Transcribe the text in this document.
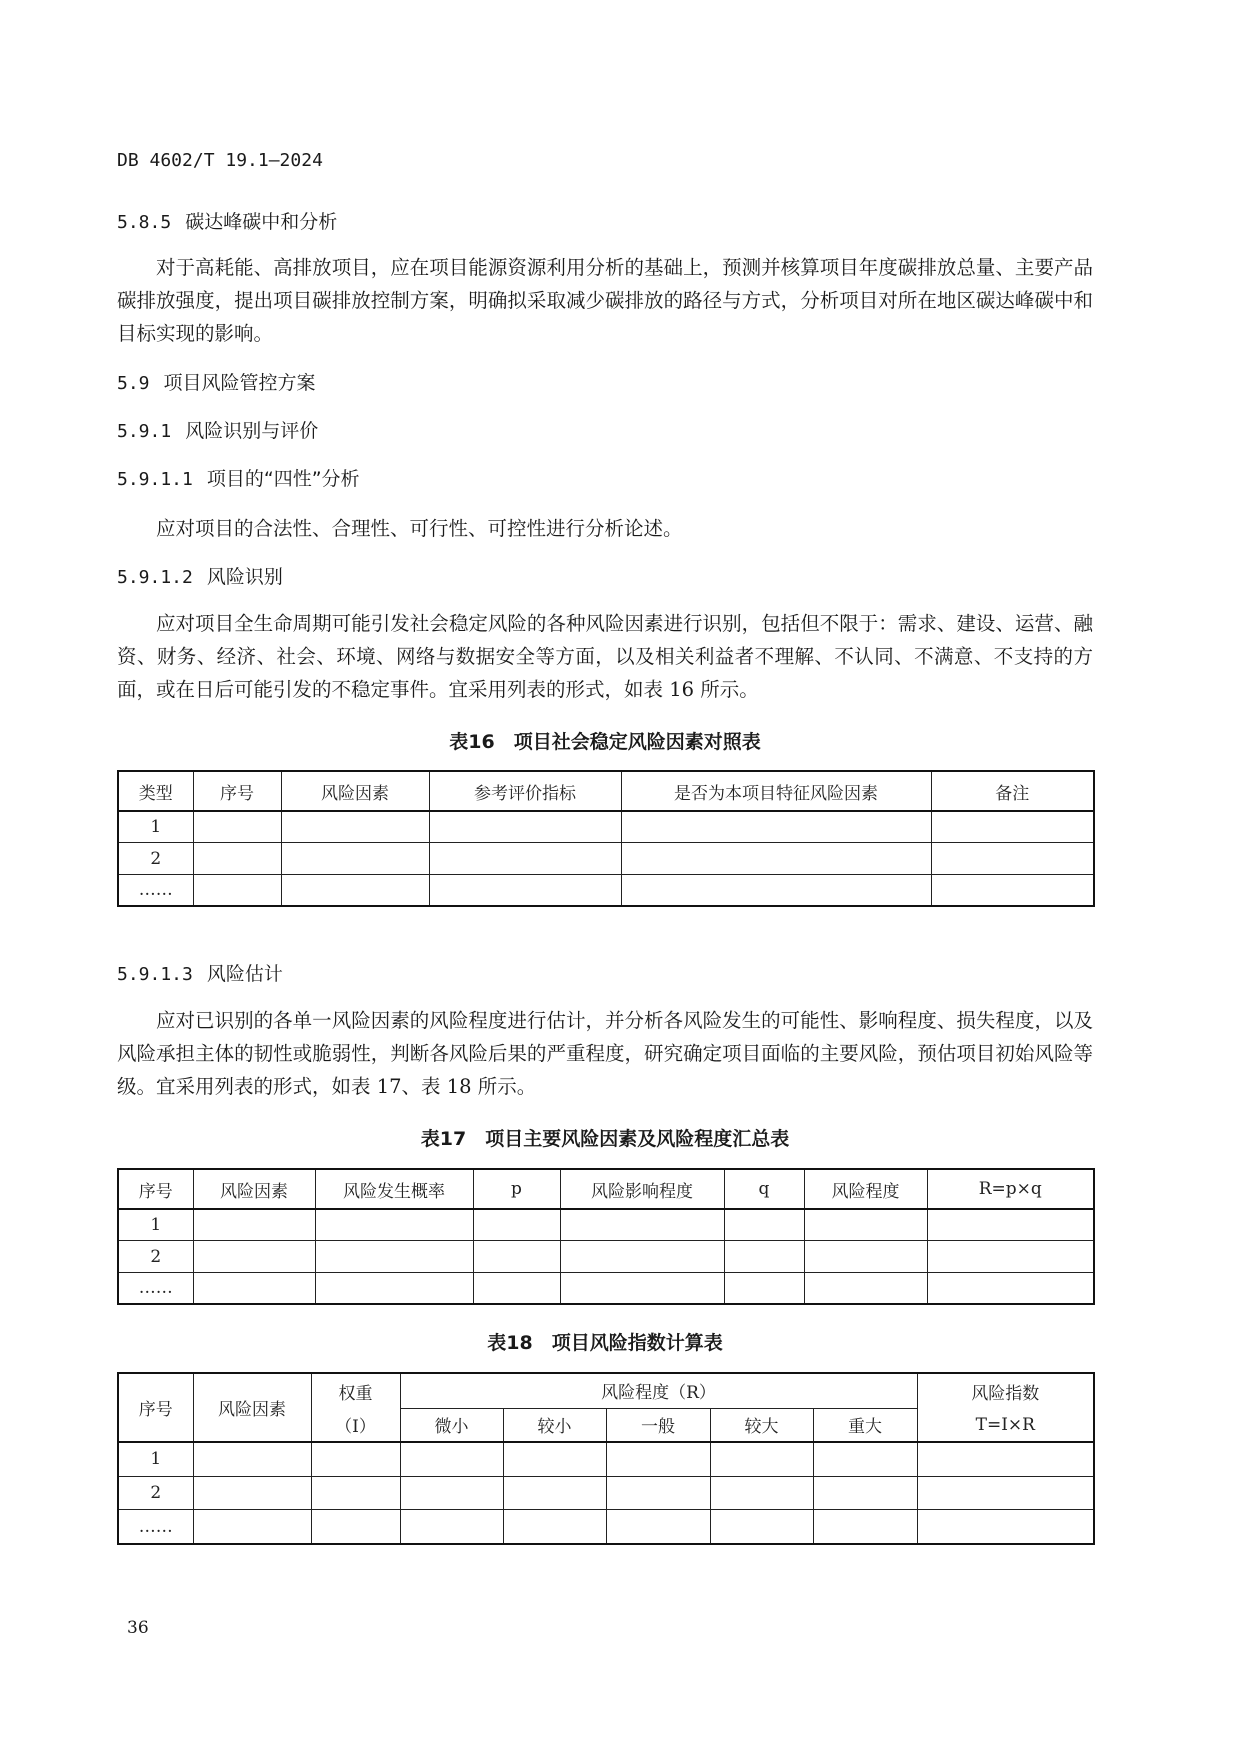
DB 4602/T 19.1—2024
5.8.5 碳达峰碳中和分析
对于高耗能、高排放项目，应在项目能源资源利用分析的基础上，预测并核算项目年度碳排放总量、主要产品碳排放强度，提出项目碳排放控制方案，明确拟采取减少碳排放的路径与方式，分析项目对所在地区碳达峰碳中和目标实现的影响。
5.9 项目风险管控方案
5.9.1 风险识别与评价
5.9.1.1 项目的“四性”分析
应对项目的合法性、合理性、可行性、可控性进行分析论述。
5.9.1.2 风险识别
应对项目全生命周期可能引发社会稳定风险的各种风险因素进行识别，包括但不限于：需求、建设、运营、融资、财务、经济、社会、环境、网络与数据安全等方面，以及相关利益者不理解、不认同、不满意、不支持的方面，或在日后可能引发的不稳定事件。宜采用列表的形式，如表 16 所示。
表16　项目社会稳定风险因素对照表
类型	序号	风险因素	参考评价指标	是否为本项目特征风险因素	备注
1					
2					
……					
5.9.1.3 风险估计
应对已识别的各单一风险因素的风险程度进行估计，并分析各风险发生的可能性、影响程度、损失程度，以及风险承担主体的韧性或脆弱性，判断各风险后果的严重程度，研究确定项目面临的主要风险，预估项目初始风险等级。宜采用列表的形式，如表 17、表 18 所示。
表17　项目主要风险因素及风险程度汇总表
序号	风险因素	风险发生概率	p	风险影响程度	q	风险程度	R=p×q
1							
2							
……							
表18　项目风险指数计算表
序号	风险因素	权重	风险程度（R）					风险指数
		（I）	微小	较小	一般	较大	重大	T=I×R
1								
2								
……								
36
